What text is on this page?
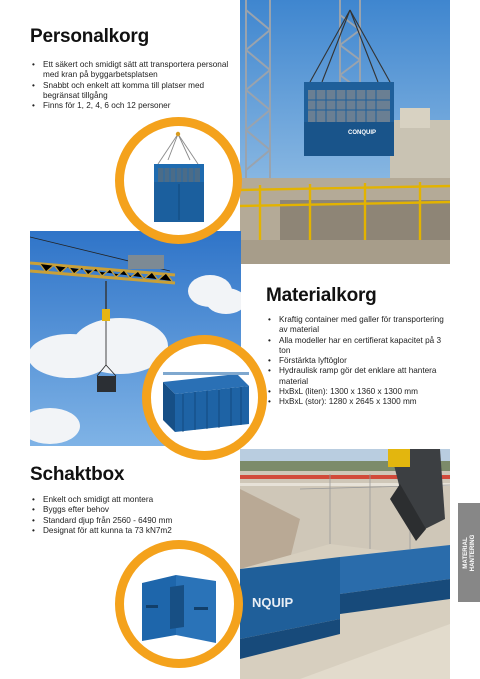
CONQUIP
NQUIP
Personalkorg
• Ett säkert och smidigt sätt att transportera personal med kran på byggarbetsplatsen
• Snabbt och enkelt att komma till platser med begränsat tillgång
• Finns för 1, 2, 4, 6 och 12 personer
Materialkorg
• Kraftig container med galler för transportering av material
• Alla modeller har en certifierat kapacitet på 3 ton
• Förstärkta lyftöglor
• Hydraulisk ramp gör det enklare att hantera material
• HxBxL (liten): 1300 x 1360 x 1300 mm
• HxBxL (stor): 1280 x 2645 x 1300 mm
Schaktbox
• Enkelt och smidigt att montera
• Byggs efter behov
• Standard djup från 2560 - 6490 mm
• Designat för att kunna ta 73 kN7m2
MATERIAL HANTERING
